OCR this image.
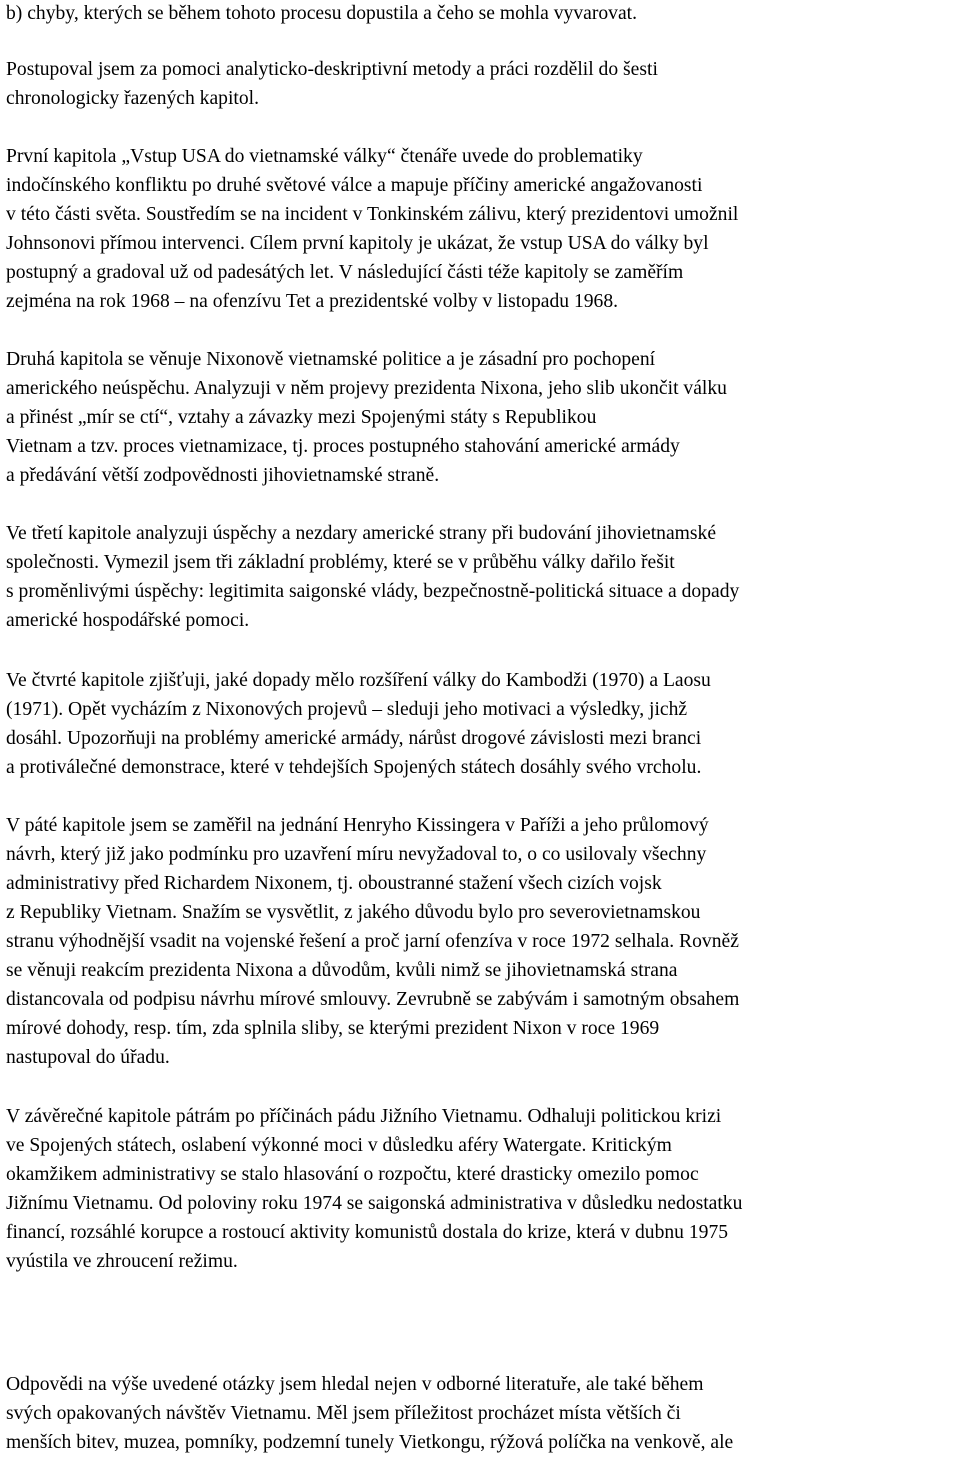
b) chyby, kterých se během tohoto procesu dopustila a čeho se mohla vyvarovat.
Postupoval jsem za pomoci analyticko-deskriptivní metody a práci rozdělil do šesti
chronologicky řazených kapitol.
První kapitola „Vstup USA do vietnamské války“ čtenáře uvede do problematiky
indočínského konfliktu po druhé světové válce a mapuje příčiny americké angažovanosti
v této části světa. Soustředím se na incident v Tonkinském zálivu, který prezidentovi umožnil
Johnsonovi přímou intervenci. Cílem první kapitoly je ukázat, že vstup USA do války byl
postupný a gradoval už od padesátých let. V následující části téže kapitoly se zaměřím
zejména na rok 1968 – na ofenzívu Tet a prezidentské volby v listopadu 1968.
Druhá kapitola se věnuje Nixonově vietnamské politice a je zásadní pro pochopení
amerického neúspěchu. Analyzuji v něm projevy prezidenta Nixona, jeho slib ukončit válku
a přinést „mír se ctí“, vztahy a závazky mezi Spojenými státy s Republikou
Vietnam a tzv. proces vietnamizace, tj. proces postupného stahování americké armády
a předávání větší zodpovědnosti jihovietnamské straně.
Ve třetí kapitole analyzuji úspěchy a nezdary americké strany při budování jihovietnamské
společnosti. Vymezil jsem tři základní problémy, které se v průběhu války dařilo řešit
s proměnlivými úspěchy: legitimita saigonské vlády, bezpečnostně-politická situace a dopady
americké hospodářské pomoci.
Ve čtvrté kapitole zjišťuji, jaké dopady mělo rozšíření války do Kambodži (1970) a Laosu
(1971). Opět vycházím z Nixonových projevů – sleduji jeho motivaci a výsledky, jichž
dosáhl. Upozorňuji na problémy americké armády, nárůst drogové závislosti mezi branci
a protiválečné demonstrace, které v tehdejších Spojených státech dosáhly svého vrcholu.
V páté kapitole jsem se zaměřil na jednání Henryho Kissingera v Paříži a jeho průlomový
návrh, který již jako podmínku pro uzavření míru nevyžadoval to, o co usilovaly všechny
administrativy před Richardem Nixonem, tj. oboustranné stažení všech cizích vojsk
z Republiky Vietnam. Snažím se vysvětlit, z jakého důvodu bylo pro severovietnamskou
stranu výhodnější vsadit na vojenské řešení a proč jarní ofenzíva v roce 1972 selhala. Rovněž
se věnuji reakcím prezidenta Nixona a důvodům, kvůli nimž se jihovietnamská strana
distancovala od podpisu návrhu mírové smlouvy. Zevrubně se zabývám i samotným obsahem
mírové dohody, resp. tím, zda splnila sliby, se kterými prezident Nixon v roce 1969
nastupoval do úřadu.
V závěrečné kapitole pátrám po příčinách pádu Jižního Vietnamu. Odhaluji politickou krizi
ve Spojených státech, oslabení výkonné moci v důsledku aféry Watergate. Kritickým
okamžikem administrativy se stalo hlasování o rozpočtu, které drasticky omezilo pomoc
Jižnímu Vietnamu. Od poloviny roku 1974 se saigonská administrativa v důsledku nedostatku
financí, rozsáhlé korupce a rostoucí aktivity komunistů dostala do krize, která v dubnu 1975
vyústila ve zhroucení režimu.
Odpovědi na výše uvedené otázky jsem hledal nejen v odborné literatuře, ale také během
svých opakovaných návštěv Vietnamu. Měl jsem příležitost procházet místa větších či
menších bitev, muzea, pomníky, podzemní tunely Vietkongu, rýžová políčka na venkově, ale
